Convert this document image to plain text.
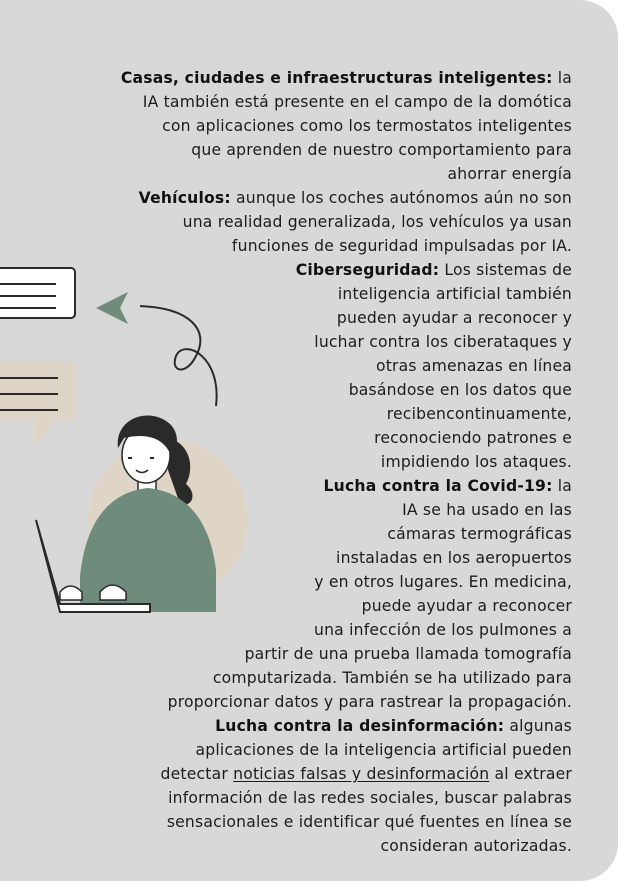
Casas, ciudades e infraestructuras inteligentes: la
IA también está presente en el campo de la domótica
con aplicaciones como los termostatos inteligentes
que aprenden de nuestro comportamiento para
ahorrar energía
Vehículos: aunque los coches autónomos aún no son
una realidad generalizada, los vehículos ya usan
funciones de seguridad impulsadas por IA.
Ciberseguridad: Los sistemas de
inteligencia artificial también
pueden ayudar a reconocer y
luchar contra los ciberataques y
otras amenazas en línea
basándose en los datos que
recibencontinuamente,
reconociendo patrones e
impidiendo los ataques.
Lucha contra la Covid-19: la
IA se ha usado en las
cámaras termográficas
instaladas en los aeropuertos
y en otros lugares. En medicina,
puede ayudar a reconocer
una infección de los pulmones a
partir de una prueba llamada tomografía
computarizada. También se ha utilizado para
proporcionar datos y para rastrear la propagación.
Lucha contra la desinformación: algunas
aplicaciones de la inteligencia artificial pueden
detectar noticias falsas y desinformación al extraer
información de las redes sociales, buscar palabras
sensacionales e identificar qué fuentes en línea se
consideran autorizadas.
